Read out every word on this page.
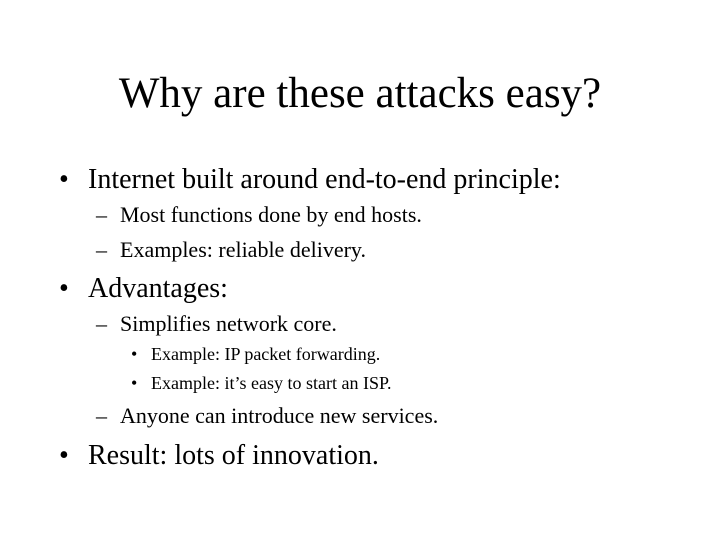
Why are these attacks easy?
• Internet built around end-to-end principle:
– Most functions done by end hosts.
– Examples: reliable delivery.
• Advantages:
– Simplifies network core.
• Example: IP packet forwarding.
• Example: it’s easy to start an ISP.
– Anyone can introduce new services.
• Result: lots of innovation.
